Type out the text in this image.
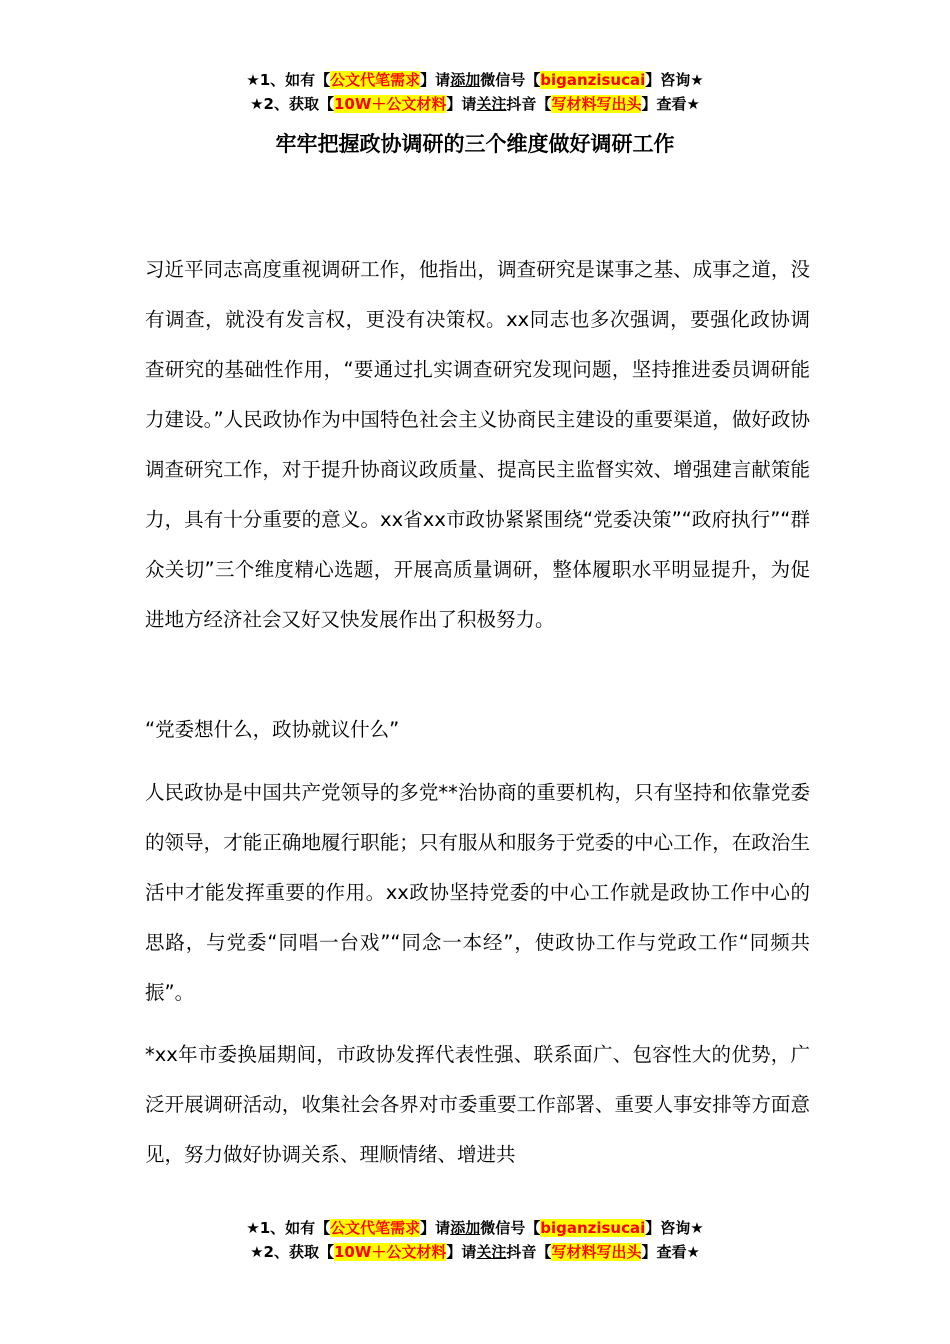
★1、如有【公文代笔需求】请添加微信号【biganzisucai】咨询★
★2、获取【10W＋公文材料】请关注抖音【写材料写出头】查看★
牢牢把握政协调研的三个维度做好调研工作

习近平同志高度重视调研工作，他指出，调查研究是谋事之基、成事之道，没有调查，就没有发言权，更没有决策权。xx同志也多次强调，要强化政协调查研究的基础性作用，“要通过扎实调查研究发现问题，坚持推进委员调研能力建设。”人民政协作为中国特色社会主义协商民主建设的重要渠道，做好政协调查研究工作，对于提升协商议政质量、提高民主监督实效、增强建言献策能力，具有十分重要的意义。xx省xx市政协紧紧围绕“党委决策”“政府执行”“群众关切”三个维度精心选题，开展高质量调研，整体履职水平明显提升，为促进地方经济社会又好又快发展作出了积极努力。

“党委想什么，政协就议什么”

人民政协是中国共产党领导的多党**治协商的重要机构，只有坚持和依靠党委的领导，才能正确地履行职能；只有服从和服务于党委的中心工作，在政治生活中才能发挥重要的作用。xx政协坚持党委的中心工作就是政协工作中心的思路，与党委“同唱一台戏”“同念一本经”，使政协工作与党政工作“同频共振”。

*xx年市委换届期间，市政协发挥代表性强、联系面广、包容性大的优势，广泛开展调研活动，收集社会各界对市委重要工作部署、重要人事安排等方面意见，努力做好协调关系、理顺情绪、增进共

★1、如有【公文代笔需求】请添加微信号【biganzisucai】咨询★
★2、获取【10W＋公文材料】请关注抖音【写材料写出头】查看★
